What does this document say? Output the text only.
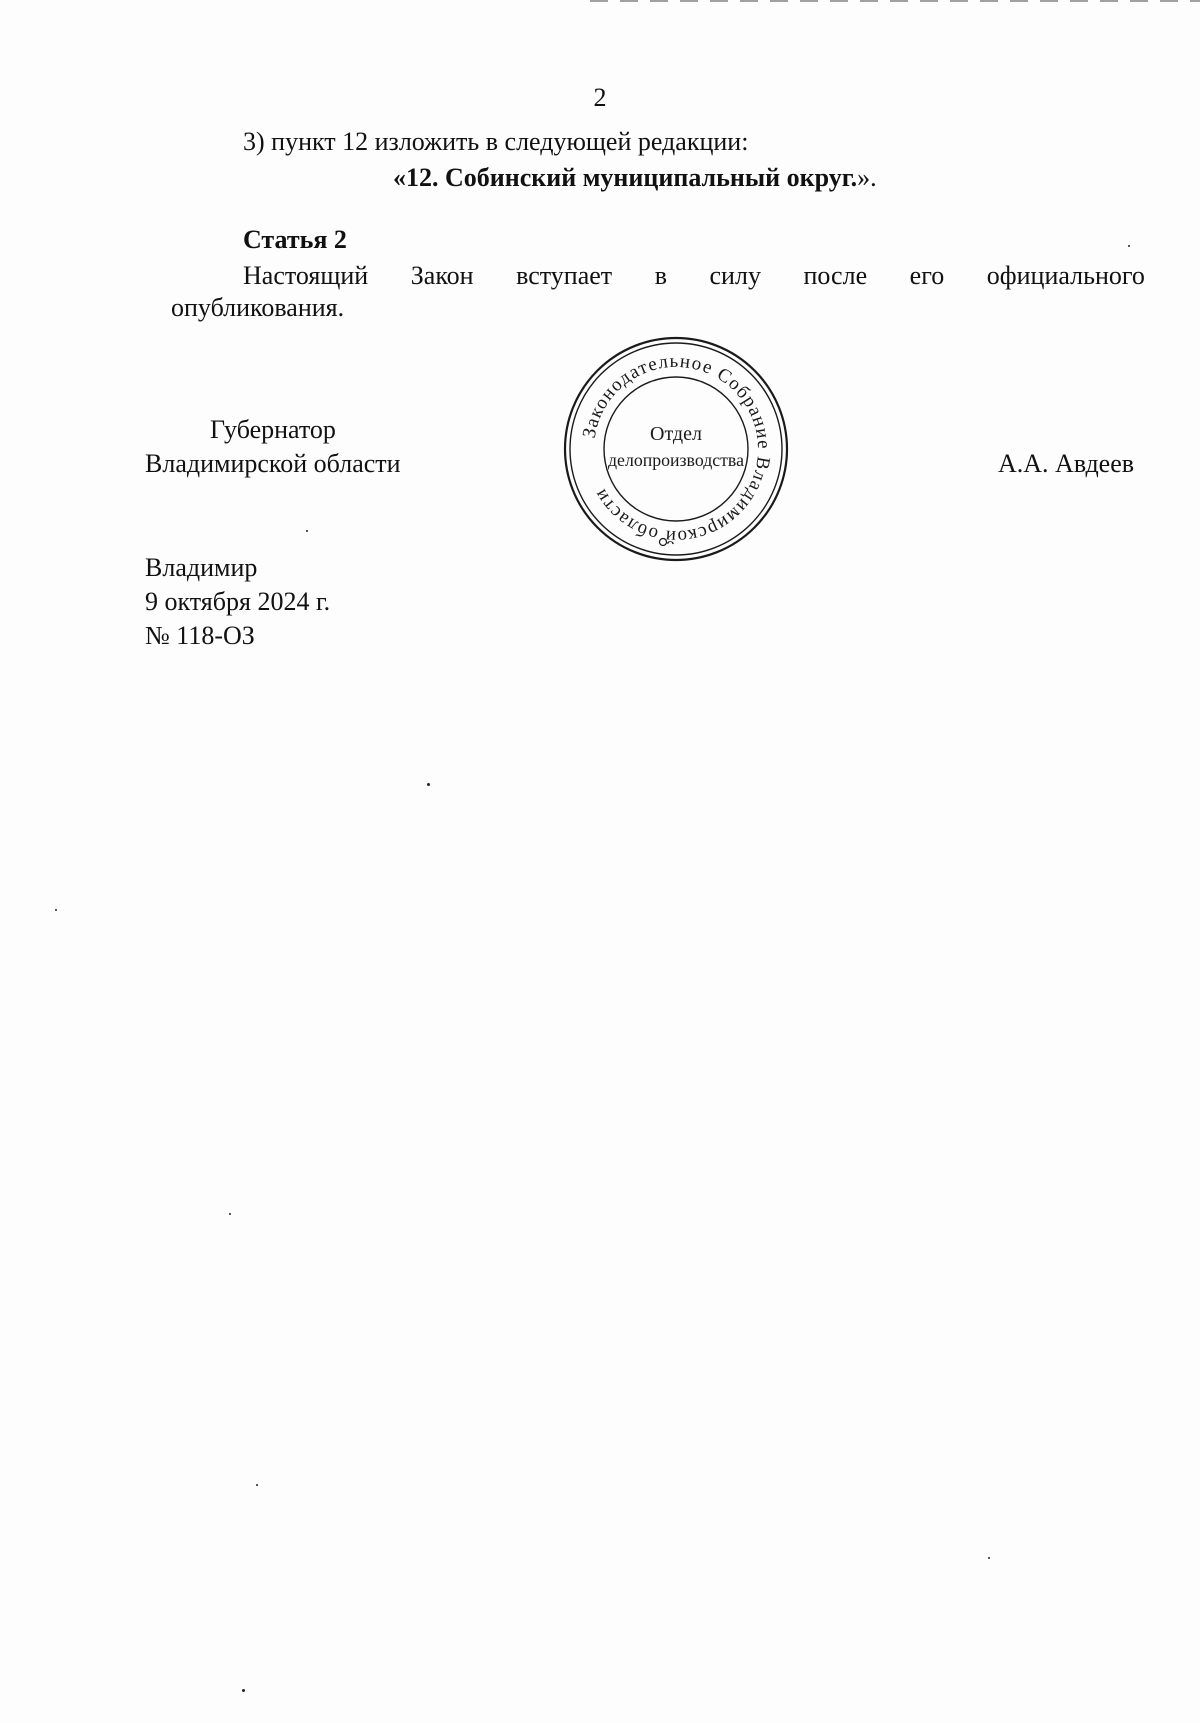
2
3) пункт 12 изложить в следующей редакции:
«12. Собинский муниципальный округ.».
Статья 2
Настоящий Закон вступает в силу после его официального
опубликования.
Губернатор
Владимирской области	А.А. Авдеев
Законодательное Собрание Владимирской области
Отдел
делопроизводства
Владимир
9 октября 2024 г.
№ 118-ОЗ
